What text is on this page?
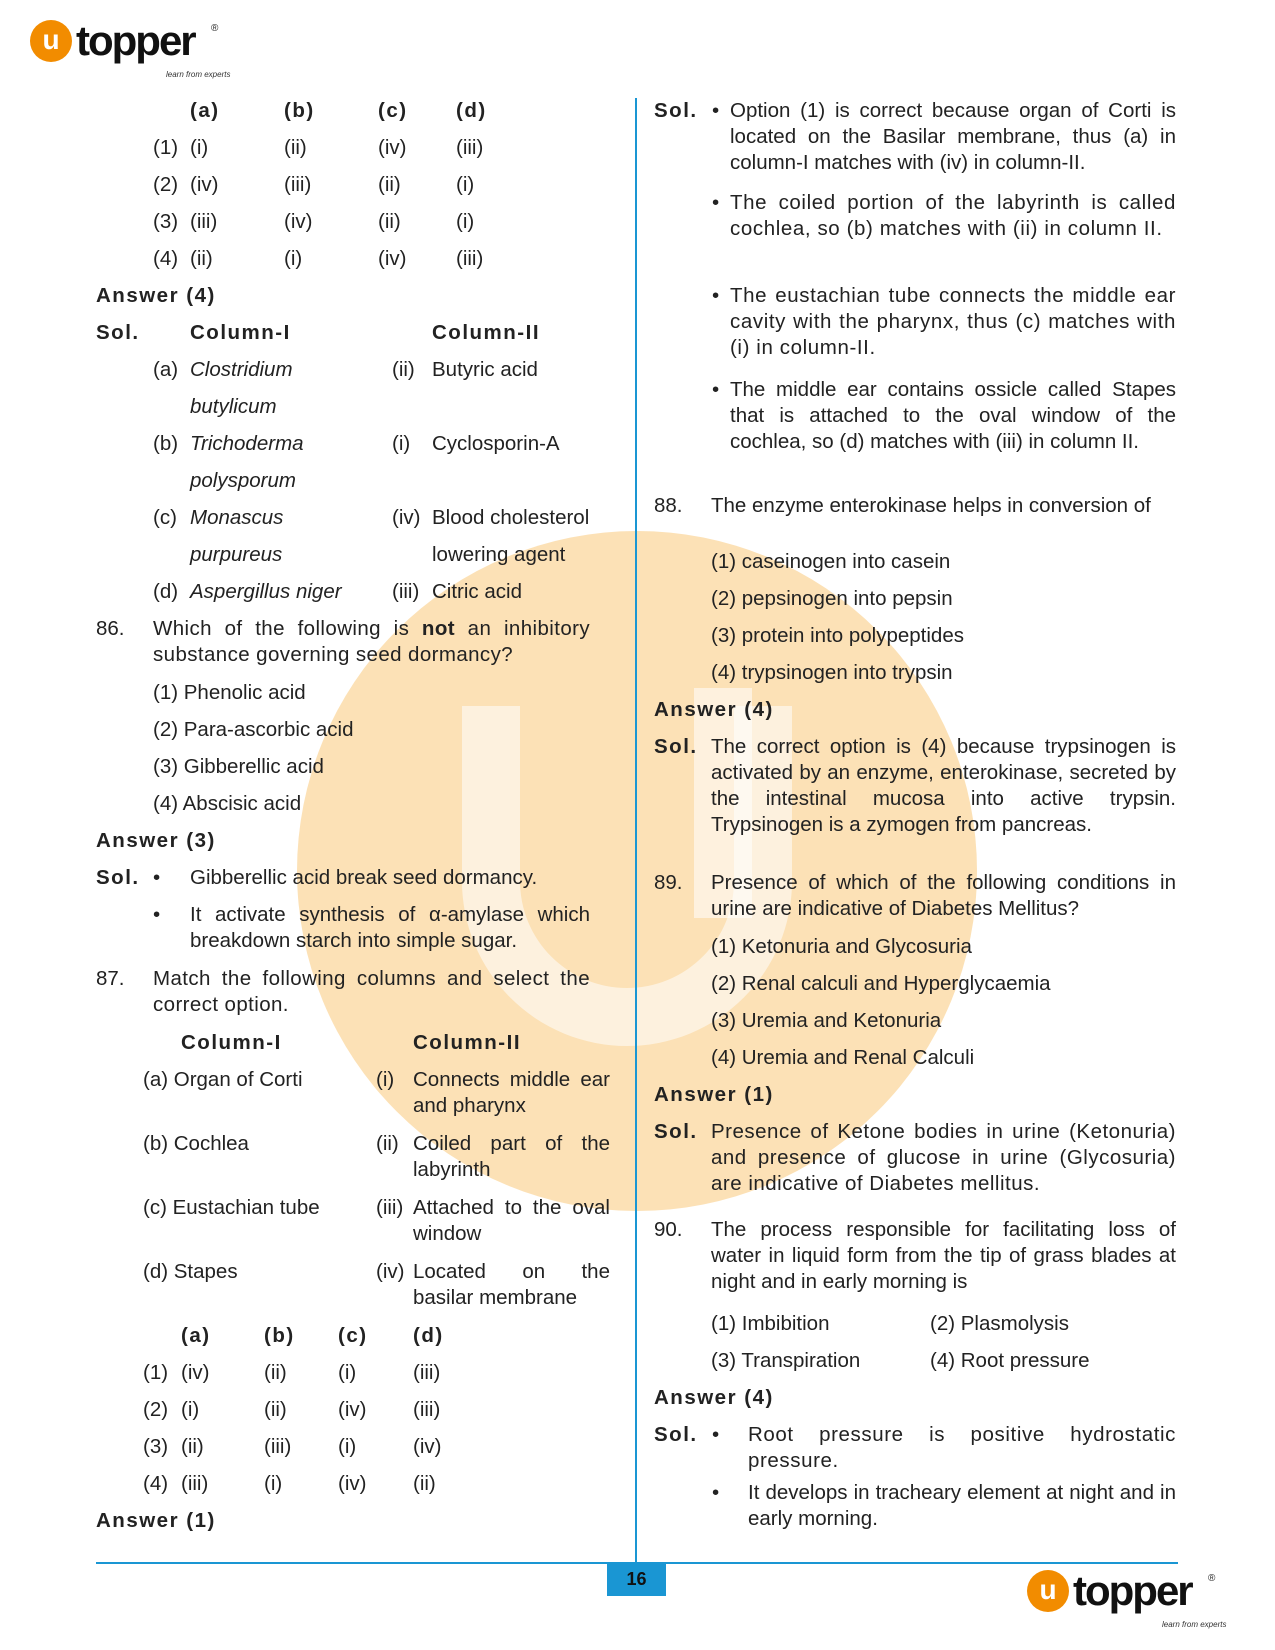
u topper ®
learn from experts
u topper ®
learn from experts
16
(a)	(b)	(c) (d)
(1) (i)	(ii)	(iv) (iii)
(2) (iv)	(iii)	(ii)	(i)
(3) (iii)	(iv)	(ii)	(i)
(4) (ii)	(i)	(iv) (iii)
Answer (4)
Sol. Column-I	Column-II
(a) Clostridium	(ii) Butyric acid
butylicum
(b) Trichoderma	(i) Cyclosporin-A
polysporum
(c) Monascus	(iv) Blood cholesterol
purpureus	lowering agent
(d) Aspergillus niger (iii) Citric acid
86. Which of the following is not an inhibitory substance governing seed dormancy?
(1) Phenolic acid
(2) Para-ascorbic acid
(3) Gibberellic acid
(4) Abscisic acid
Answer (3)
Sol. • Gibberellic acid break seed dormancy.
• It activate synthesis of α-amylase which breakdown starch into simple sugar.
87. Match the following columns and select the correct option.
Column-I	Column-II
(a) Organ of Corti	(i) Connects middle ear and pharynx
(b) Cochlea	(ii) Coiled part of the labyrinth
(c) Eustachian tube	(iii) Attached to the oval window
(d) Stapes	(iv) Located on the basilar membrane
(a)	(b) (c) (d)
(1) (iv)	(ii) (i)	(iii)
(2) (i)	(ii) (iv) (iii)
(3) (ii)	(iii) (i)	(iv)
(4) (iii)	(i)	(iv) (ii)
Answer (1)
Sol. • Option (1) is correct because organ of Corti is located on the Basilar membrane, thus (a) in column-I matches with (iv) in column-II.
• The coiled portion of the labyrinth is called cochlea, so (b) matches with (ii) in column II.
• The eustachian tube connects the middle ear cavity with the pharynx, thus (c) matches with (i) in column-II.
• The middle ear contains ossicle called Stapes that is attached to the oval window of the cochlea, so (d) matches with (iii) in column II.
88. The enzyme enterokinase helps in conversion of
(1) caseinogen into casein
(2) pepsinogen into pepsin
(3) protein into polypeptides
(4) trypsinogen into trypsin
Answer (4)
Sol. The correct option is (4) because trypsinogen is activated by an enzyme, enterokinase, secreted by the intestinal mucosa into active trypsin. Trypsinogen is a zymogen from pancreas.
89. Presence of which of the following conditions in urine are indicative of Diabetes Mellitus?
(1) Ketonuria and Glycosuria
(2) Renal calculi and Hyperglycaemia
(3) Uremia and Ketonuria
(4) Uremia and Renal Calculi
Answer (1)
Sol. Presence of Ketone bodies in urine (Ketonuria) and presence of glucose in urine (Glycosuria) are indicative of Diabetes mellitus.
90. The process responsible for facilitating loss of water in liquid form from the tip of grass blades at night and in early morning is
(1) Imbibition	(2) Plasmolysis
(3) Transpiration	(4) Root pressure
Answer (4)
Sol. • Root pressure is positive hydrostatic pressure.
• It develops in tracheary element at night and in early morning.
